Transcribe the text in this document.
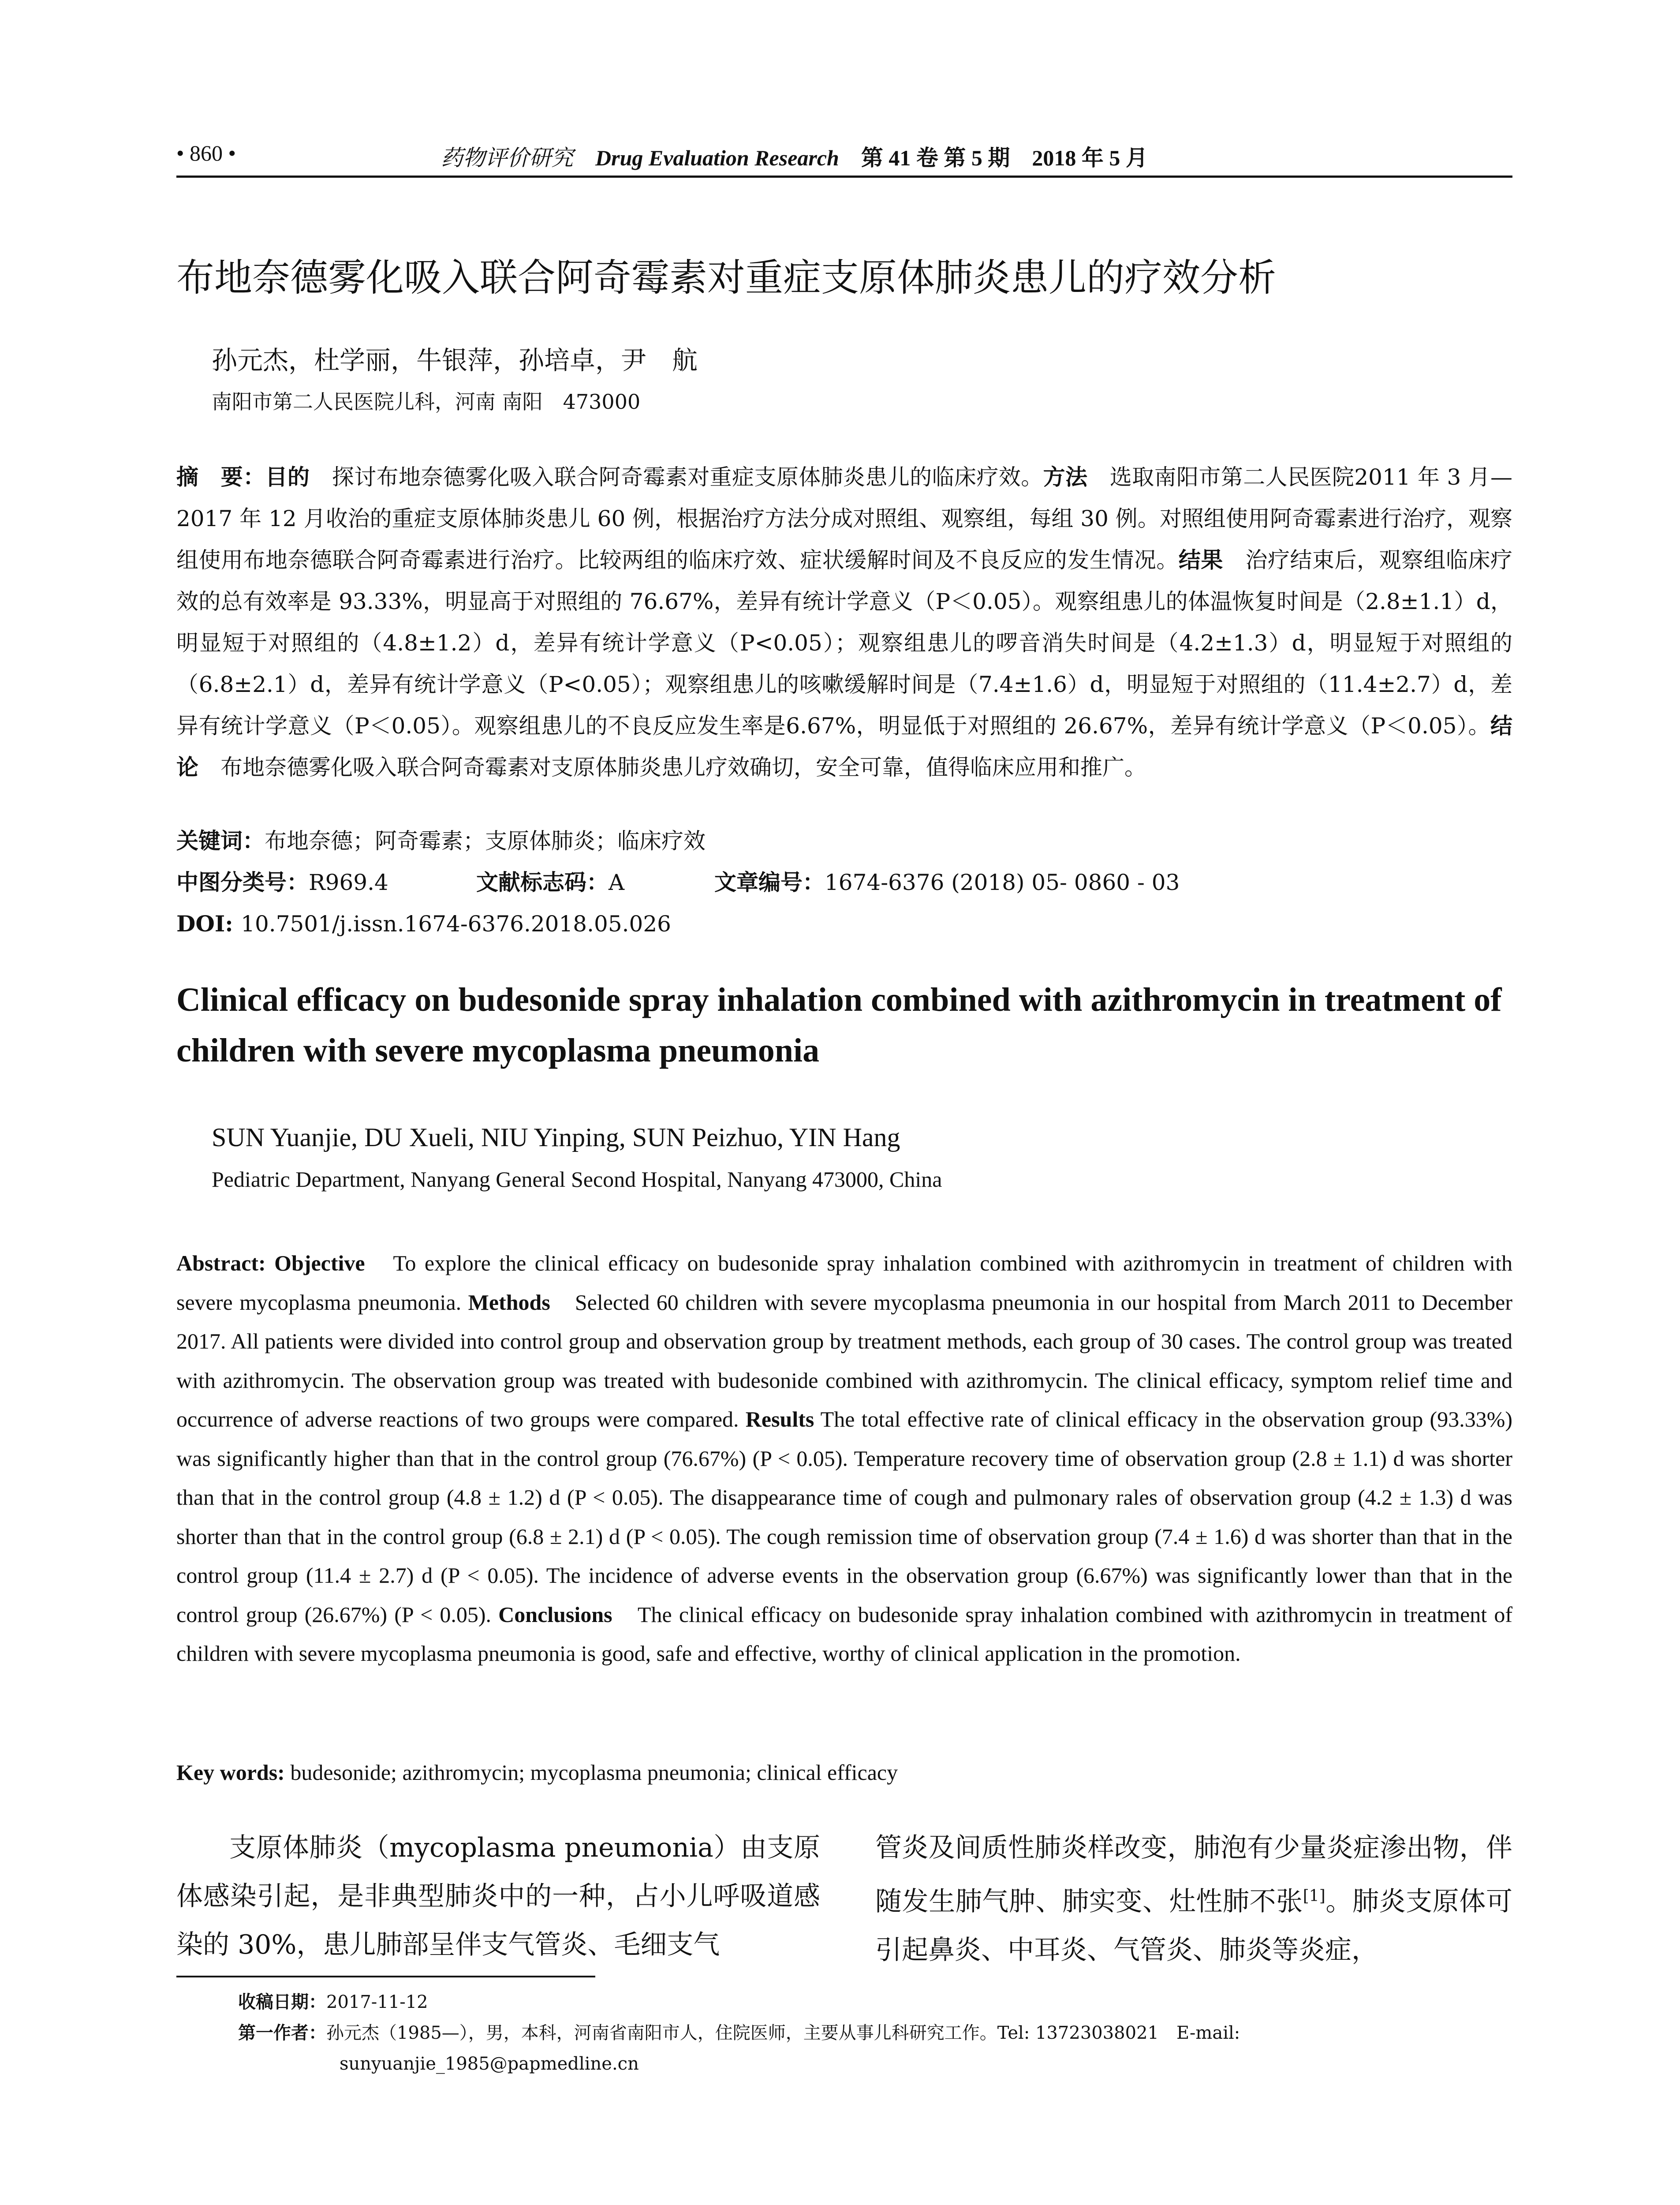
• 860 •	药物评价研究 Drug Evaluation Research 第 41 卷 第 5 期　2018 年 5 月
布地奈德雾化吸入联合阿奇霉素对重症支原体肺炎患儿的疗效分析
孙元杰，杜学丽，牛银萍，孙培卓，尹　航
南阳市第二人民医院儿科，河南 南阳　473000
摘　要：目的　探讨布地奈德雾化吸入联合阿奇霉素对重症支原体肺炎患儿的临床疗效。方法　选取南阳市第二人民医院2011 年 3 月—2017 年 12 月收治的重症支原体肺炎患儿 60 例，根据治疗方法分成对照组、观察组，每组 30 例。对照组使用阿奇霉素进行治疗，观察组使用布地奈德联合阿奇霉素进行治疗。比较两组的临床疗效、症状缓解时间及不良反应的发生情况。结果　治疗结束后，观察组临床疗效的总有效率是 93.33%，明显高于对照组的 76.67%，差异有统计学意义（P＜0.05）。观察组患儿的体温恢复时间是（2.8±1.1）d，明显短于对照组的（4.8±1.2）d，差异有统计学意义（P<0.05）；观察组患儿的啰音消失时间是（4.2±1.3）d，明显短于对照组的（6.8±2.1）d，差异有统计学意义（P<0.05）；观察组患儿的咳嗽缓解时间是（7.4±1.6）d，明显短于对照组的（11.4±2.7）d，差异有统计学意义（P＜0.05）。观察组患儿的不良反应发生率是6.67%，明显低于对照组的 26.67%，差异有统计学意义（P＜0.05）。结论　布地奈德雾化吸入联合阿奇霉素对支原体肺炎患儿疗效确切，安全可靠，值得临床应用和推广。
关键词：布地奈德；阿奇霉素；支原体肺炎；临床疗效
中图分类号：R969.4	文献标志码：A	文章编号：1674-6376 (2018) 05- 0860 - 03
DOI: 10.7501/j.issn.1674-6376.2018.05.026
Clinical efficacy on budesonide spray inhalation combined with azithromycin in treatment of children with severe mycoplasma pneumonia
SUN Yuanjie, DU Xueli, NIU Yinping, SUN Peizhuo, YIN Hang
Pediatric Department, Nanyang General Second Hospital, Nanyang 473000, China
Abstract: Objective　To explore the clinical efficacy on budesonide spray inhalation combined with azithromycin in treatment of children with severe mycoplasma pneumonia. Methods　Selected 60 children with severe mycoplasma pneumonia in our hospital from March 2011 to December 2017. All patients were divided into control group and observation group by treatment methods, each group of 30 cases. The control group was treated with azithromycin. The observation group was treated with budesonide combined with azithromycin. The clinical efficacy, symptom relief time and occurrence of adverse reactions of two groups were compared. Results The total effective rate of clinical efficacy in the observation group (93.33%) was significantly higher than that in the control group (76.67%) (P < 0.05). Temperature recovery time of observation group (2.8 ± 1.1) d was shorter than that in the control group (4.8 ± 1.2) d (P < 0.05). The disappearance time of cough and pulmonary rales of observation group (4.2 ± 1.3) d was shorter than that in the control group (6.8 ± 2.1) d (P < 0.05). The cough remission time of observation group (7.4 ± 1.6) d was shorter than that in the control group (11.4 ± 2.7) d (P < 0.05). The incidence of adverse events in the observation group (6.67%) was significantly lower than that in the control group (26.67%) (P < 0.05). Conclusions　The clinical efficacy on budesonide spray inhalation combined with azithromycin in treatment of children with severe mycoplasma pneumonia is good, safe and effective, worthy of clinical application in the promotion.
Key words: budesonide; azithromycin; mycoplasma pneumonia; clinical efficacy

支原体肺炎（mycoplasma pneumonia）由支原体感染引起，是非典型肺炎中的一种，占小儿呼吸道感染的 30%，患儿肺部呈伴支气管炎、毛细支气

管炎及间质性肺炎样改变，肺泡有少量炎症渗出物，伴随发生肺气肿、肺实变、灶性肺不张[1]。肺炎支原体可引起鼻炎、中耳炎、气管炎、肺炎等炎症，

收稿日期：2017-11-12
第一作者：孙元杰（1985—），男，本科，河南省南阳市人，住院医师，主要从事儿科研究工作。Tel: 13723038021　E-mail:
sunyuanjie_1985@papmedline.cn
